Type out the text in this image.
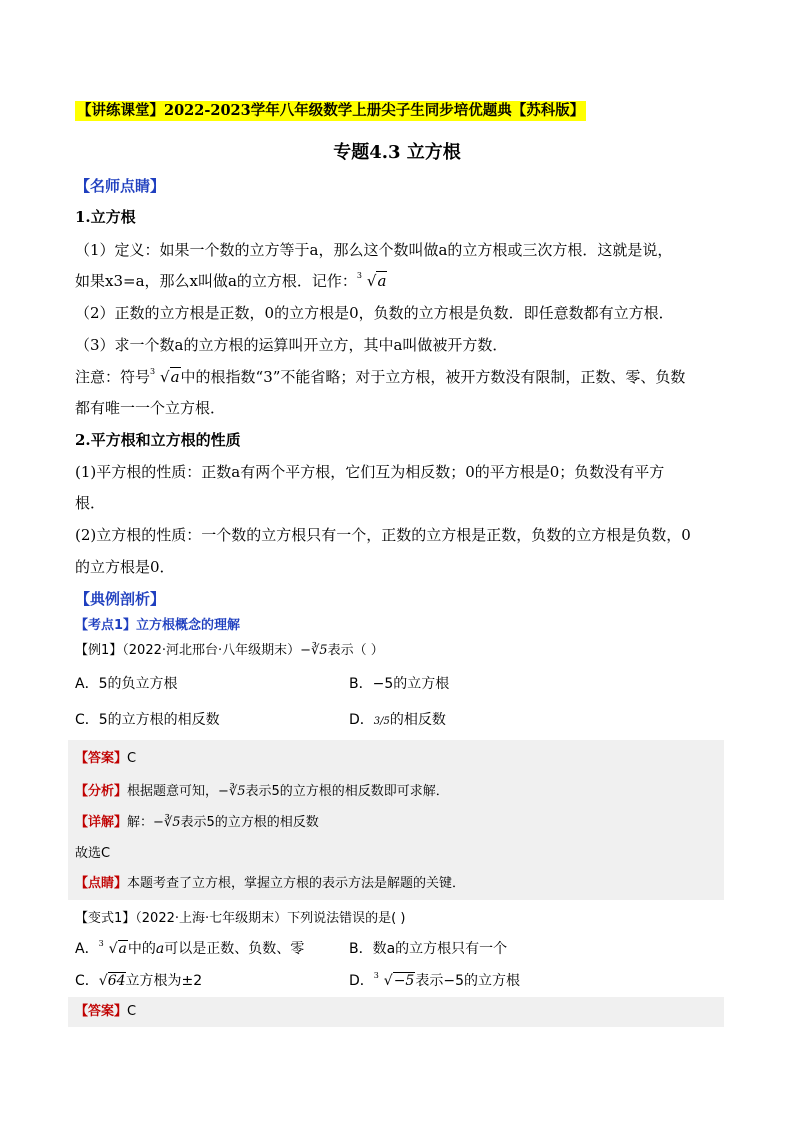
【讲练课堂】2022-2023学年八年级数学上册尖子生同步培优题典【苏科版】
专题4.3 立方根
【名师点睛】
1.立方根
（1）定义：如果一个数的立方等于a，那么这个数叫做a的立方根或三次方根．这就是说，
如果x3=a，那么x叫做a的立方根．记作： 3 √a
（2）正数的立方根是正数，0的立方根是0，负数的立方根是负数．即任意数都有立方根．
（3）求一个数a的立方根的运算叫开立方，其中a叫做被开方数．
注意：符号 3 √a中的根指数“3”不能省略；对于立方根，被开方数没有限制，正数、零、负数
都有唯一一个立方根．
2.平方根和立方根的性质
(1)平方根的性质：正数a有两个平方根，它们互为相反数；0的平方根是0；负数没有平方
根．
(2)立方根的性质：一个数的立方根只有一个，正数的立方根是正数，负数的立方根是负数，0
的立方根是0．
【典例剖析】
【考点1】立方根概念的理解
【例1】（2022·河北邢台·八年级期末）−∛5表示（ ）
A．5的负立方根	B．−5的立方根
C．5的立方根的相反数	D．3/5的相反数
【答案】C
【分析】根据题意可知，−∛5表示5的立方根的相反数即可求解．
【详解】解：−∛5表示5的立方根的相反数
故选C
【点睛】本题考查了立方根，掌握立方根的表示方法是解题的关键．
【变式1】（2022·上海·七年级期末）下列说法错误的是( )
A． 3 √a中的a可以是正数、负数、零	B．数a的立方根只有一个
C．√64立方根为±2	D． 3 √−5表示−5的立方根
【答案】C
